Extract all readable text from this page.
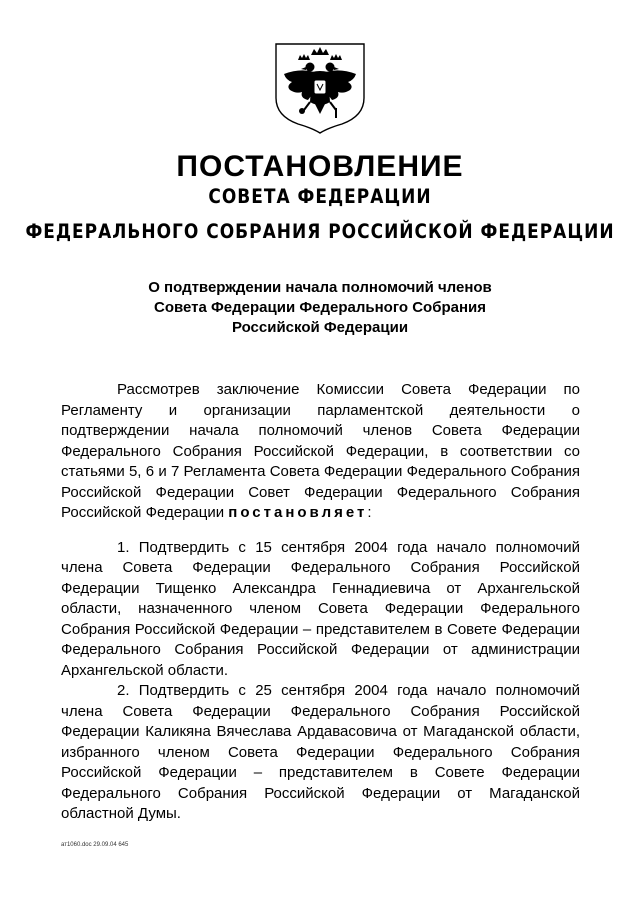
ПОСТАНОВЛЕНИЕ
СОВЕТА ФЕДЕРАЦИИ
ФЕДЕРАЛЬНОГО СОБРАНИЯ РОССИЙСКОЙ ФЕДЕРАЦИИ
О подтверждении начала полномочий членов
Совета Федерации Федерального Собрания
Российской Федерации

Рассмотрев заключение Комиссии Совета Федерации по Регламенту и организации парламентской деятельности о подтверждении начала полномочий членов Совета Федерации Федерального Собрания Российской Федерации, в соответствии со статьями 5, 6 и 7 Регламента Совета Федерации Федерального Собрания Российской Федерации Совет Федерации Федерального Собрания Российской Федерации постановляет:

1. Подтвердить с 15 сентября 2004 года начало полномочий члена Совета Федерации Федерального Собрания Российской Федерации Тищенко Александра Геннадиевича от Архангельской области, назначенного членом Совета Федерации Федерального Собрания Российской Федерации – представителем в Совете Федерации Федерального Собрания Российской Федерации от администрации Архангельской области.

2. Подтвердить с 25 сентября 2004 года начало полномочий члена Совета Федерации Федерального Собрания Российской Федерации Каликяна Вячеслава Ардавасовича от Магаданской области, избранного членом Совета Федерации Федерального Собрания Российской Федерации – представителем в Совете Федерации Федерального Собрания Российской Федерации от Магаданской областной Думы.

ат1060.doc 29.09.04 645
